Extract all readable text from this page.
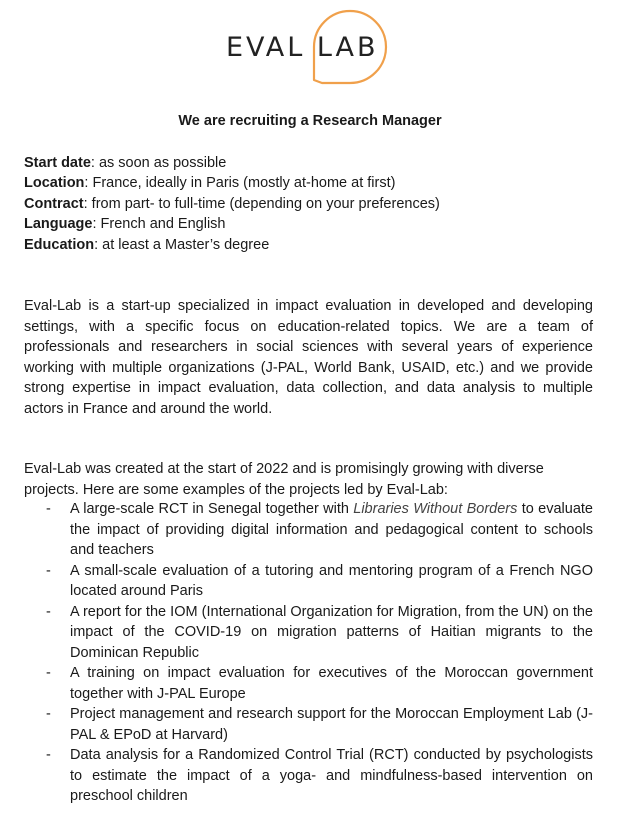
EVAL LAB
We are recruiting a Research Manager
Start date: as soon as possible
Location: France, ideally in Paris (mostly at-home at first)
Contract: from part- to full-time (depending on your preferences)
Language: French and English
Education: at least a Master’s degree
Eval-Lab is a start-up specialized in impact evaluation in developed and developing settings, with a specific focus on education-related topics. We are a team of professionals and researchers in social sciences with several years of experience working with multiple organizations (J-PAL, World Bank, USAID, etc.) and we provide strong expertise in impact evaluation, data collection, and data analysis to multiple actors in France and around the world.
Eval-Lab was created at the start of 2022 and is promisingly growing with diverse projects. Here are some examples of the projects led by Eval-Lab:
- A large-scale RCT in Senegal together with Libraries Without Borders to evaluate the impact of providing digital information and pedagogical content to schools and teachers
- A small-scale evaluation of a tutoring and mentoring program of a French NGO located around Paris
- A report for the IOM (International Organization for Migration, from the UN) on the impact of the COVID-19 on migration patterns of Haitian migrants to the Dominican Republic
- A training on impact evaluation for executives of the Moroccan government together with J-PAL Europe
- Project management and research support for the Moroccan Employment Lab (J-PAL & EPoD at Harvard)
- Data analysis for a Randomized Control Trial (RCT) conducted by psychologists to estimate the impact of a yoga- and mindfulness-based intervention on preschool children
